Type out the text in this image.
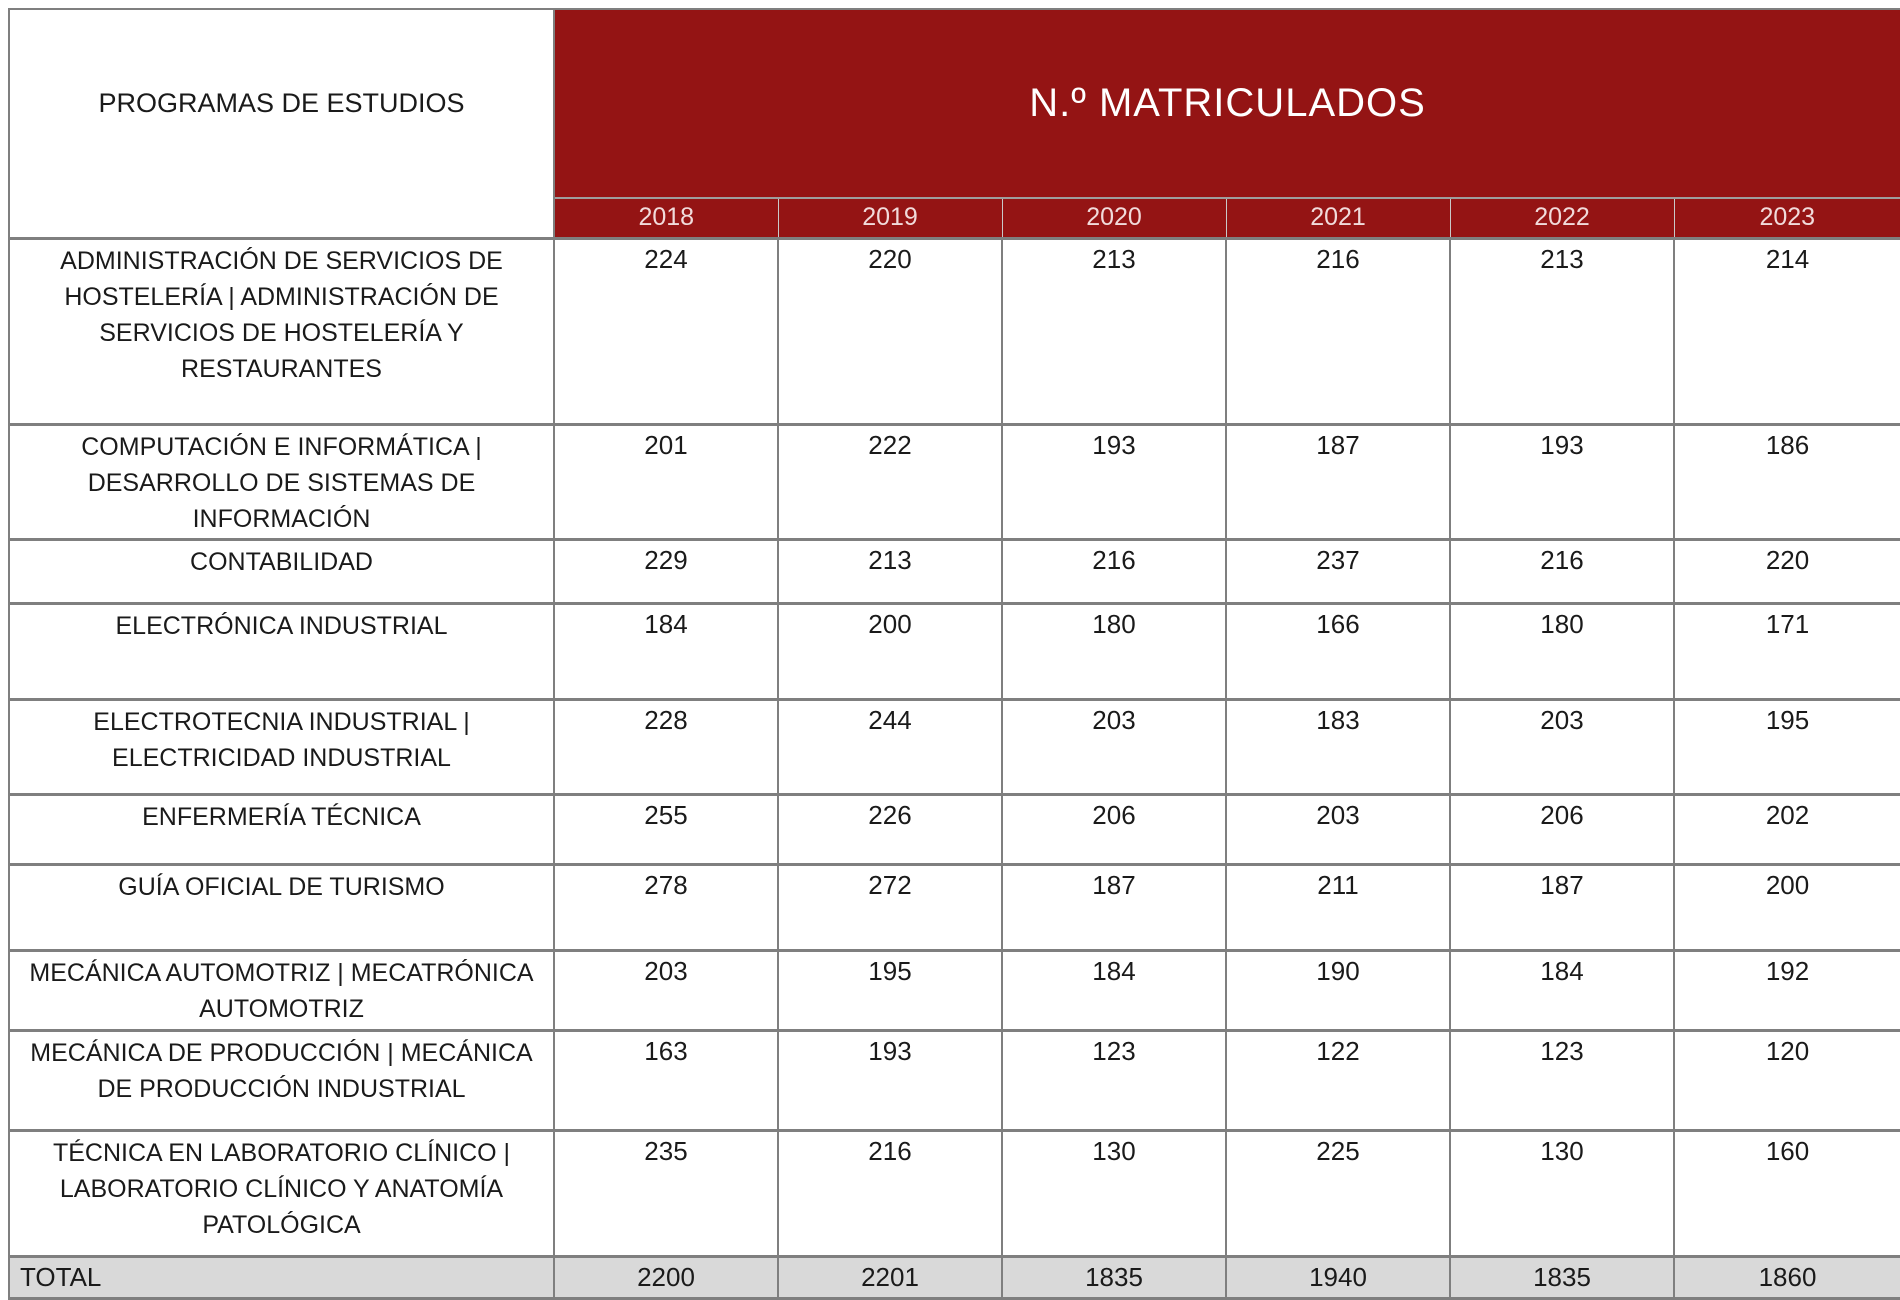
PROGRAMAS DE ESTUDIOS	N.º MATRICULADOS					
	2018	2019	2020	2021	2022	2023
ADMINISTRACIÓN DE SERVICIOS DE HOSTELERÍA | ADMINISTRACIÓN DE SERVICIOS DE HOSTELERÍA Y RESTAURANTES	224	220	213	216	213	214
COMPUTACIÓN E INFORMÁTICA | DESARROLLO DE SISTEMAS DE INFORMACIÓN	201	222	193	187	193	186
CONTABILIDAD	229	213	216	237	216	220
ELECTRÓNICA INDUSTRIAL	184	200	180	166	180	171
ELECTROTECNIA INDUSTRIAL | ELECTRICIDAD INDUSTRIAL	228	244	203	183	203	195
ENFERMERÍA TÉCNICA	255	226	206	203	206	202
GUÍA OFICIAL DE TURISMO	278	272	187	211	187	200
MECÁNICA AUTOMOTRIZ | MECATRÓNICA AUTOMOTRIZ	203	195	184	190	184	192
MECÁNICA DE PRODUCCIÓN | MECÁNICA DE PRODUCCIÓN INDUSTRIAL	163	193	123	122	123	120
TÉCNICA EN LABORATORIO CLÍNICO | LABORATORIO CLÍNICO Y ANATOMÍA PATOLÓGICA	235	216	130	225	130	160
TOTAL	2200	2201	1835	1940	1835	1860
